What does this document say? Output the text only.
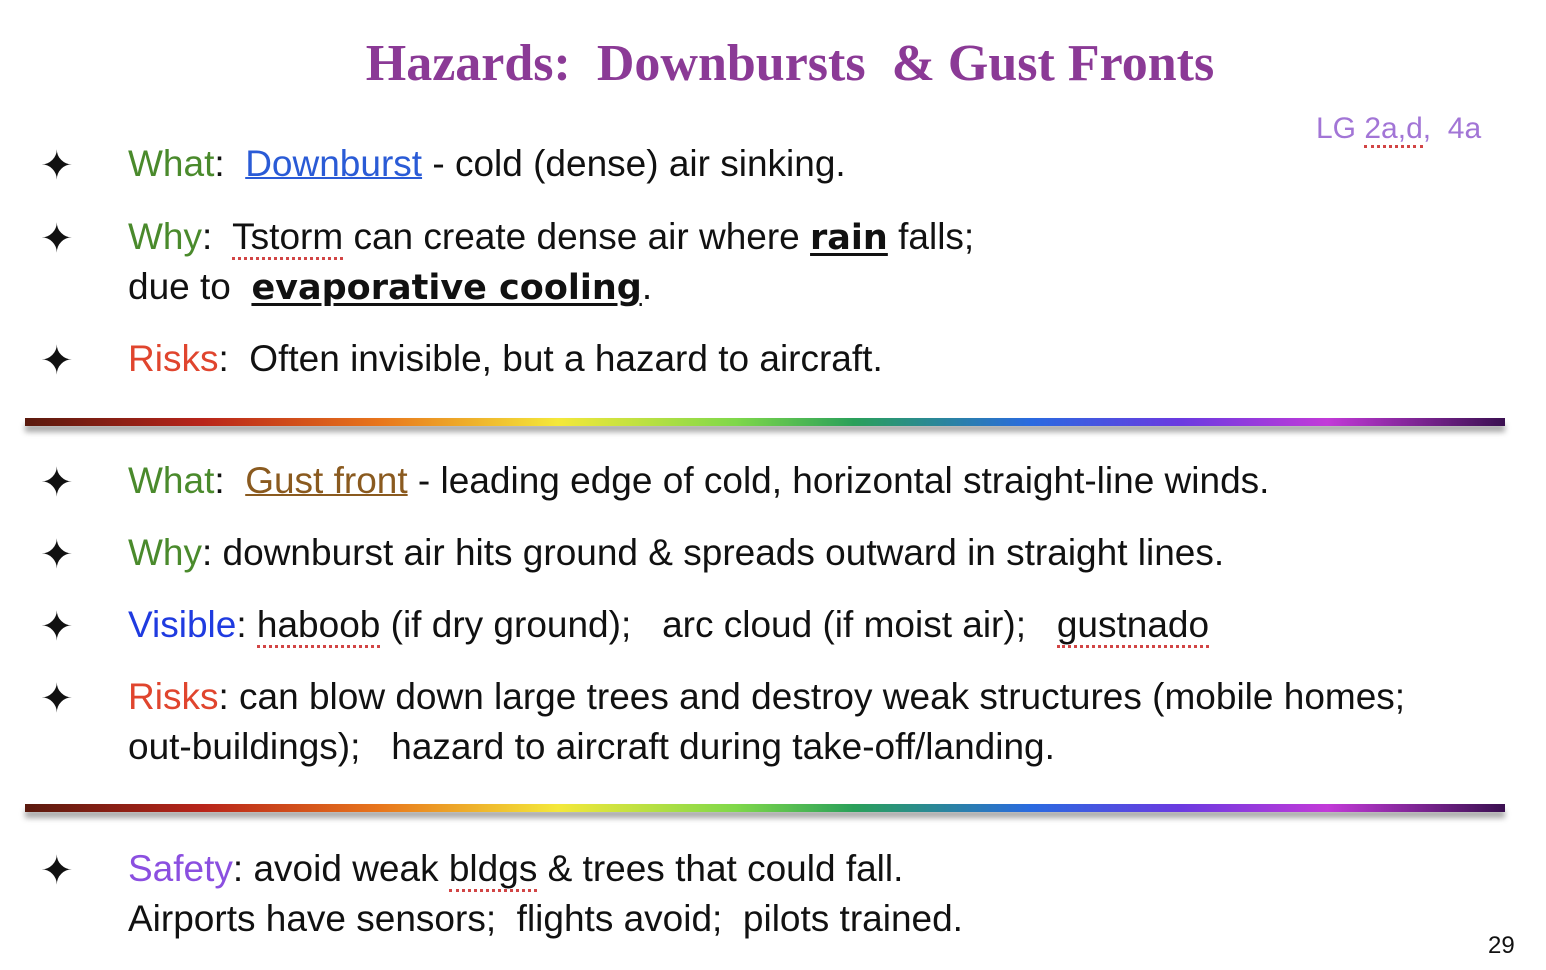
Hazards:  Downbursts  & Gust Fronts
LG 2a,d,  4a
✦ What:  Downburst - cold (dense) air sinking.
✦ Why:  Tstorm can create dense air where rain falls;
due to  evaporative cooling.
✦ Risks:  Often invisible, but a hazard to aircraft.
✦ What:  Gust front - leading edge of cold, horizontal straight-line winds.
✦ Why: downburst air hits ground & spreads outward in straight lines.
✦ Visible: haboob (if dry ground);   arc cloud (if moist air);   gustnado
✦ Risks: can blow down large trees and destroy weak structures (mobile homes;
out-buildings);   hazard to aircraft during take-off/landing.
✦ Safety: avoid weak bldgs & trees that could fall.
Airports have sensors;  flights avoid;  pilots trained.
29
